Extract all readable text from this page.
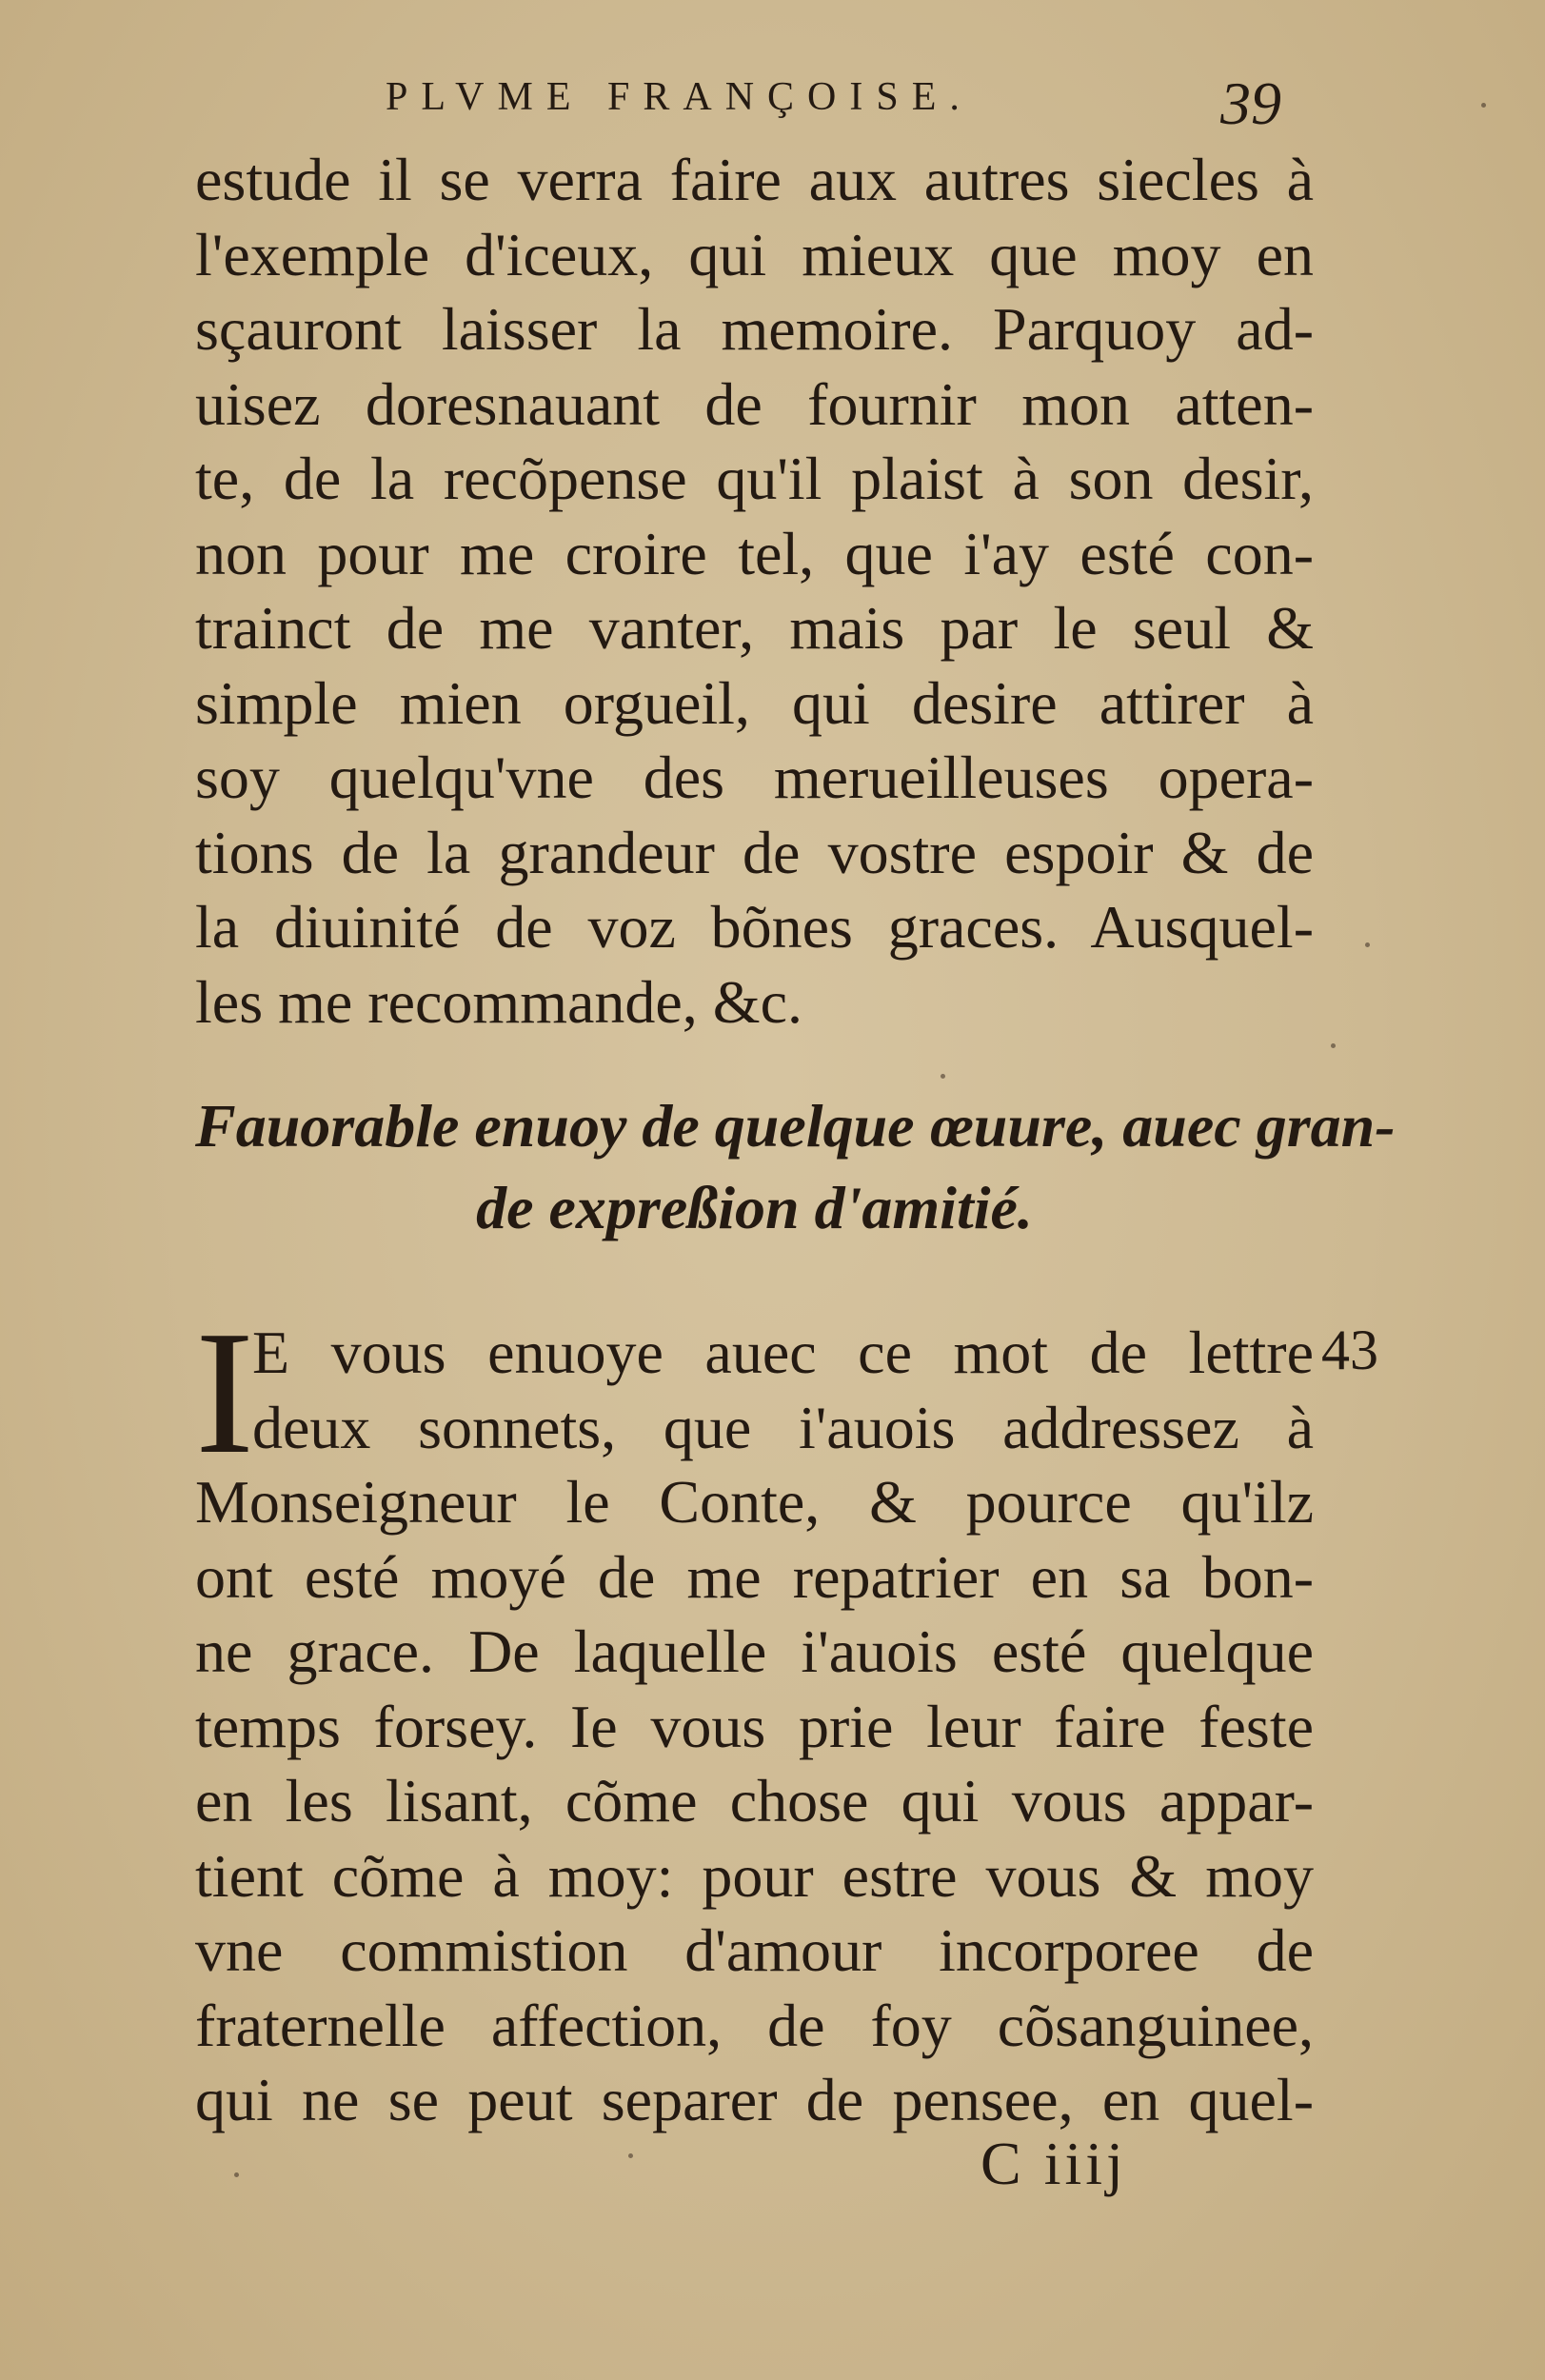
PLVME FRANÇOISE.	39
estude il se verra faire aux autres siecles à
l'exemple d'iceux, qui mieux que moy en
sçauront laisser la memoire. Parquoy ad-
uisez doresnauant de fournir mon atten-
te, de la recõpense qu'il plaist à son desir,
non pour me croire tel, que i'ay esté con-
trainct de me vanter, mais par le seul &
simple mien orgueil, qui desire attirer à
soy quelqu'vne des merueilleuses opera-
tions de la grandeur de vostre espoir & de
la diuinité de voz bõnes graces. Ausquel-
les me recommande, &c.
Fauorable enuoy de quelque œuure, auec gran-
de expreßion d'amitié.
I	43
E vous enuoye auec ce mot de lettre
deux sonnets, que i'auois addressez à
Monseigneur le Conte, & pource qu'ilz
ont esté moyé de me repatrier en sa bon-
ne grace. De laquelle i'auois esté quelque
temps forsey. Ie vous prie leur faire feste
en les lisant, cõme chose qui vous appar-
tient cõme à moy: pour estre vous & moy
vne commistion d'amour incorporee de
fraternelle affection, de foy cõsanguinee,
qui ne se peut separer de pensee, en quel-
C iiij
